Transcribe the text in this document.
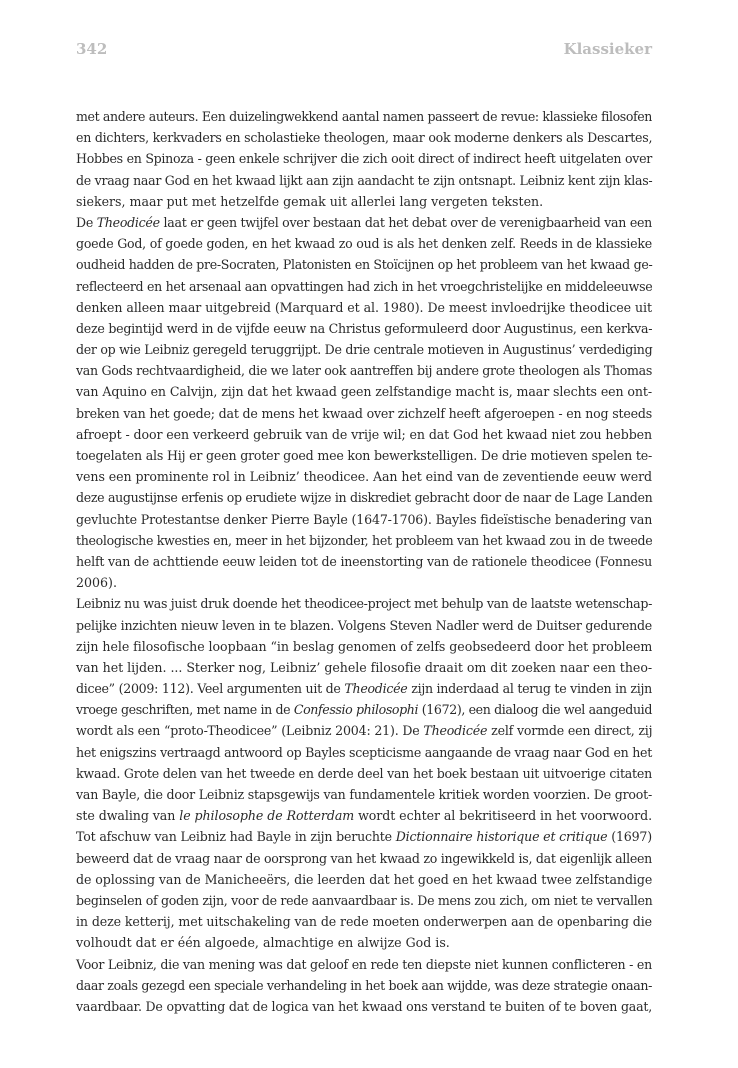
342	Klassieker
met andere auteurs. Een duizelingwekkend aantal namen passeert de revue: klassieke filosofen
en dichters, kerkvaders en scholastieke theologen, maar ook moderne denkers als Descartes,
Hobbes en Spinoza - geen enkele schrijver die zich ooit direct of indirect heeft uitgelaten over
de vraag naar God en het kwaad lijkt aan zijn aandacht te zijn ontsnapt. Leibniz kent zijn klas-
siekers, maar put met hetzelfde gemak uit allerlei lang vergeten teksten.
De Theodicée laat er geen twijfel over bestaan dat het debat over de verenigbaarheid van een
goede God, of goede goden, en het kwaad zo oud is als het denken zelf. Reeds in de klassieke
oudheid hadden de pre-Socraten, Platonisten en Stoïcijnen op het probleem van het kwaad ge-
reflecteerd en het arsenaal aan opvattingen had zich in het vroegchristelijke en middeleeuwse
denken alleen maar uitgebreid (Marquard et al. 1980). De meest invloedrijke theodicee uit
deze begintijd werd in de vijfde eeuw na Christus geformuleerd door Augustinus, een kerkva-
der op wie Leibniz geregeld teruggrijpt. De drie centrale motieven in Augustinus’ verdediging
van Gods rechtvaardigheid, die we later ook aantreffen bij andere grote theologen als Thomas
van Aquino en Calvijn, zijn dat het kwaad geen zelfstandige macht is, maar slechts een ont-
breken van het goede; dat de mens het kwaad over zichzelf heeft afgeroepen - en nog steeds
afroept - door een verkeerd gebruik van de vrije wil; en dat God het kwaad niet zou hebben
toegelaten als Hij er geen groter goed mee kon bewerkstelligen. De drie motieven spelen te-
vens een prominente rol in Leibniz’ theodicee. Aan het eind van de zeventiende eeuw werd
deze augustijnse erfenis op erudiete wijze in diskrediet gebracht door de naar de Lage Landen
gevluchte Protestantse denker Pierre Bayle (1647-1706). Bayles fideïstische benadering van
theologische kwesties en, meer in het bijzonder, het probleem van het kwaad zou in de tweede
helft van de achttiende eeuw leiden tot de ineenstorting van de rationele theodicee (Fonnesu
2006).
Leibniz nu was juist druk doende het theodicee-project met behulp van de laatste wetenschap-
pelijke inzichten nieuw leven in te blazen. Volgens Steven Nadler werd de Duitser gedurende
zijn hele filosofische loopbaan “in beslag genomen of zelfs geobsedeerd door het probleem
van het lijden. ... Sterker nog, Leibniz’ gehele filosofie draait om dit zoeken naar een theo-
dicee” (2009: 112). Veel argumenten uit de Theodicée zijn inderdaad al terug te vinden in zijn
vroege geschriften, met name in de Confessio philosophi (1672), een dialoog die wel aangeduid
wordt als een “proto-Theodicee” (Leibniz 2004: 21). De Theodicée zelf vormde een direct, zij
het enigszins vertraagd antwoord op Bayles scepticisme aangaande de vraag naar God en het
kwaad. Grote delen van het tweede en derde deel van het boek bestaan uit uitvoerige citaten
van Bayle, die door Leibniz stapsgewijs van fundamentele kritiek worden voorzien. De groot-
ste dwaling van le philosophe de Rotterdam wordt echter al bekritiseerd in het voorwoord.
Tot afschuw van Leibniz had Bayle in zijn beruchte Dictionnaire historique et critique (1697)
beweerd dat de vraag naar de oorsprong van het kwaad zo ingewikkeld is, dat eigenlijk alleen
de oplossing van de Manicheeërs, die leerden dat het goed en het kwaad twee zelfstandige
beginselen of goden zijn, voor de rede aanvaardbaar is. De mens zou zich, om niet te vervallen
in deze ketterij, met uitschakeling van de rede moeten onderwerpen aan de openbaring die
volhoudt dat er één algoede, almachtige en alwijze God is.
Voor Leibniz, die van mening was dat geloof en rede ten diepste niet kunnen conflicteren - en
daar zoals gezegd een speciale verhandeling in het boek aan wijdde, was deze strategie onaan-
vaardbaar. De opvatting dat de logica van het kwaad ons verstand te buiten of te boven gaat,
